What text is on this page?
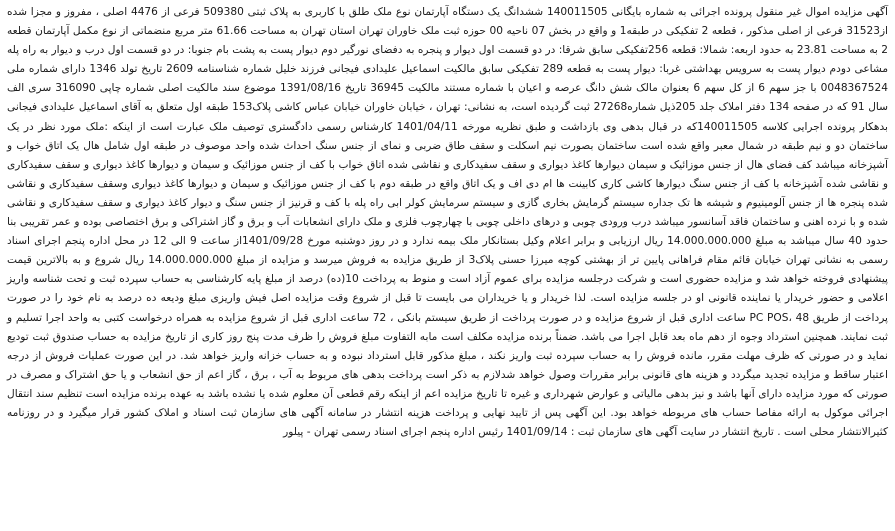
آگهی مزایده اموال غیر منقول پرونده اجرائی به شماره بایگانی 140011505 ششدانگ یک دستگاه آپارتمان نوع ملک طلق با کاربری به پلاک ثبتی 509380 فرعی از 4476 اصلی ، مفروز و مجزا شده از31523 فرعی از اصلی مذکور ، قطعه 2 تفکیکی در طبقه1 و واقع در بخش 07 ناحیه 00 حوزه ثبت ملک خاوران تهران استان تهران به مساحت 61.66 متر مربع منضماتی از نوع مکمل آپارتمان قطعه 2 به مساحت 23.81 به حدود اربعه: شمالا: قطعه 256تفکیکی سابق شرقا: در دو قسمت اول دیوار و پنجره به دفضای نورگیر دوم دیوار پست به پشت بام جنوبا: در دو قسمت اول درب و دیوار به راه پله مشاعی دودم دیوار پست به سرویس بهداشتی غربا: دیوار پست به قطعه 289 تفکیکی سابق مالکیت اسماعیل علیدادی فیجانی فرزند خلیل شماره شناسنامه 2609 تاریخ تولد 1346 دارای شماره ملی 0048367524 با جز سهم 6 از کل سهم 6 بعنوان مالک شش دانگ عرصه و اعیان با شماره مستند مالکیت 36945 تاریخ 1391/08/16 موضوع سند مالکیت اصلی شماره چاپی 316090 سری الف سال 91 که در صفحه 134 دفتر املاک جلد 205ذیل شماره27268 ثبت گردیده است، به نشانی: تهران ، خیابان خاوران خیابان عباس کاشی پلاک153 طبقه اول متعلق به آقای اسماعیل علیدادی فیجانی بدهکار پرونده اجرایی کلاسه 140011505که در قبال بدهی وی بازداشت و طبق نظریه مورخه 1401/04/11 کارشناس رسمی دادگستری توصیف ملک عبارت است از اینکه :ملک مورد نظر در یک ساختمان دو و نیم طبقه در شمال معبر واقع شده است ساختمان بصورت نیم اسکلت و سقف طاق ضربی و نمای از جنس سنگ احداث شده واحد موصوف در طبقه اول شامل هال یک اتاق خواب و آشپزخانه میباشد کف فضای هال از جنس موزائیک و سیمان دیوارها کاغذ دیواری و سقف سفیدکاری و نقاشی شده اتاق خواب با کف از جنس موزائیک و سیمان و دیوارها کاغذ دیواری و سقف سفیدکاری و نقاشی شده آشپزخانه با کف از جنس سنگ دیوارها کاشی کاری کابینت ها ام دی اف و یک اتاق واقع در طبقه دوم با کف از جنس موزائیک و سیمان و دیوارها کاغذ دیواری وسقف سفیدکاری و نقاشی شده پنجره ها از جنس آلومینیوم و شیشه ها تک جداره سیستم گرمایش بخاری گازی و سیستم سرمایش کولر ابی راه پله با کف و قرنیز از جنس سنگ و دیوار کاغذ دیواری و سقف سفیدکاری و نقاشی شده و با نرده اهنی و ساختمان فاقد آسانسور میباشد درب ورودی چوبی و درهای داخلی چوبی با چهارچوب فلزی و ملک دارای انشعابات آب و برق و گاز اشتراکی و برق اختصاصی بوده و عمر تقریبی بنا حدود 40 سال میباشد به مبلغ 14.000.000.000 ریال ارزیابی و برابر اعلام وکیل بستانکار ملک بیمه ندارد و در روز دوشنبه مورخ 1401/09/28از ساعت 9 الی 12 در محل اداره پنجم اجرای اسناد رسمی به نشانی تهران خیابان قائم مقام فراهانی پایین تر از بهشتی کوچه میرزا حسنی پلاک3 از طریق مزایده به فروش میرسد و مزایده از مبلغ 14.000.000.000 ریال شروع و به بالاترین قیمت پیشنهادی فروخته خواهد شد و مزایده حضوری است و شرکت درجلسه مزایده برای عموم آزاد است و منوط به پرداخت 10(ده) درصد از مبلغ پایه کارشناسی به حساب سپرده ثبت و تحت شناسه واریز اعلامی و حضور خریدار یا نماینده قانونی او در جلسه مزایده است. لذا خریدار و یا خریداران می بایست تا قبل از شروع وقت مزایده اصل فیش واریزی مبلغ ودیعه ده درصد به نام خود را در صورت پرداخت از طریق PC POS، 48 ساعت اداری قبل از شروع مزایده و در صورت پرداخت از طریق سیستم بانکی ، 72 ساعت اداری قبل از شروع مزایده به همراه درخواست کتبی به واحد اجرا تسلیم و ثبت نمایند. همچنین استرداد وجوه از دهم ماه بعد قابل اجرا می باشد. ضمناً برنده مزایده مکلف است مابه التفاوت مبلغ فروش را ظرف مدت پنج روز کاری از تاریخ مزایده به حساب صندوق ثبت تودیع نماید و در صورتی که ظرف مهلت مقرر، مانده فروش را به حساب سپرده ثبت واریز نکند ، مبلغ مذکور قابل استرداد نبوده و به حساب خزانه واریز خواهد شد. در این صورت عملیات فروش از درجه اعتبار ساقط و مزایده تجدید میگردد و هزینه های قانونی برابر مقررات وصول خواهد شدلازم به ذکر است پرداخت بدهی های مربوط به آب ، برق ، گاز اعم از حق انشعاب و یا حق اشتراک و مصرف در صورتی که مورد مزایده دارای آنها باشد و نیز بدهی مالیاتی و عوارض شهرداری و غیره تا تاریخ مزایده اعم از اینکه رقم قطعی آن معلوم شده یا نشده باشد به عهده برنده مزایده است تنظیم سند انتقال اجرائی موکول به ارائه مفاصا حساب های مربوطه خواهد بود. این آگهی پس از تایید نهایی و پرداخت هزینه انتشار در سامانه آگهی های سازمان ثبت اسناد و املاک کشور قرار میگیرد و در روزنامه کثیرالانتشار محلی است . تاریخ انتشار در سایت آگهی های سازمان ثبت : 1401/09/14 رئیس اداره پنجم اجرای اسناد رسمی تهران - پیلور
